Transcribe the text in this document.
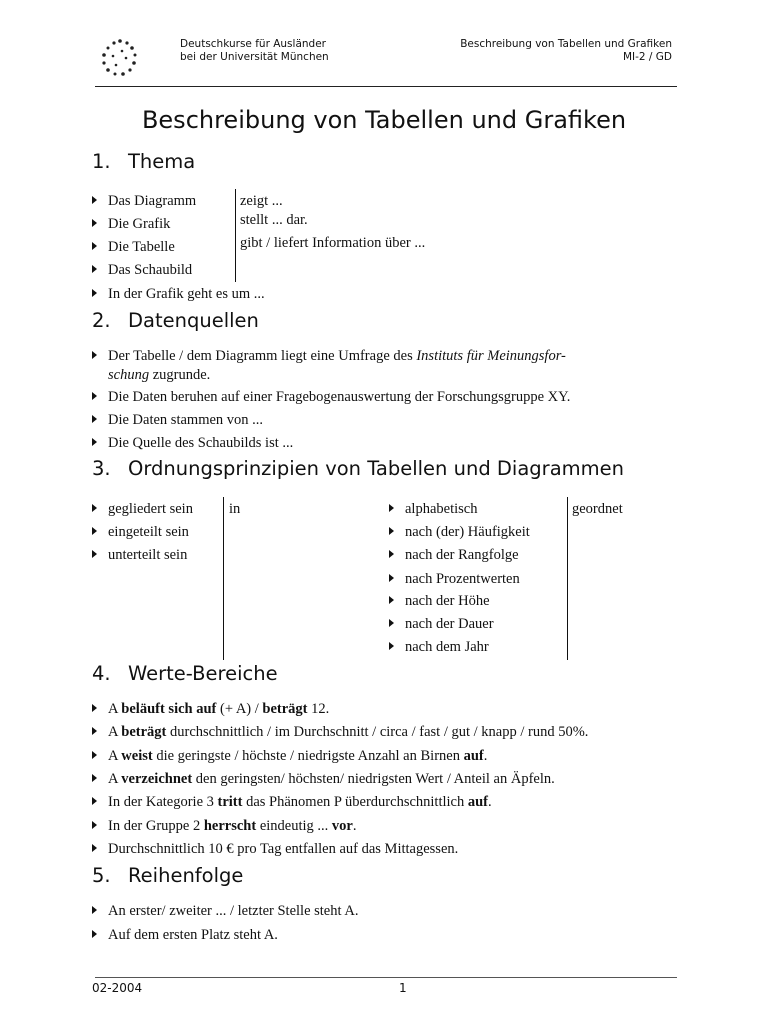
Deutschkurse für Ausländer
bei der Universität München
Beschreibung von Tabellen und Grafiken
MI-2 / GD
Beschreibung von Tabellen und Grafiken
1. Thema
Das Diagramm
Die Grafik
Die Tabelle
Das Schaubild
zeigt ...
stellt ... dar.
gibt / liefert Information über ...
In der Grafik geht es um ...
2. Datenquellen
Der Tabelle / dem Diagramm liegt eine Umfrage des Instituts für Meinungsfor-
schung zugrunde.
Die Daten beruhen auf einer Fragebogenauswertung der Forschungsgruppe XY.
Die Daten stammen von ...
Die Quelle des Schaubilds ist ...
3. Ordnungsprinzipien von Tabellen und Diagrammen
gegliedert sein
eingeteilt sein
unterteilt sein
in	alphabetisch
nach (der) Häufigkeit
nach der Rangfolge
nach Prozentwerten
nach der Höhe
nach der Dauer
nach dem Jahr
geordnet
4. Werte-Bereiche
A beläuft sich auf (+ A) / beträgt 12.
A beträgt durchschnittlich / im Durchschnitt / circa / fast / gut / knapp / rund 50%.
A weist die geringste / höchste / niedrigste Anzahl an Birnen auf.
A verzeichnet den geringsten/ höchsten/ niedrigsten Wert / Anteil an Äpfeln.
In der Kategorie 3 tritt das Phänomen P überdurchschnittlich auf.
In der Gruppe 2 herrscht eindeutig ... vor.
Durchschnittlich 10 € pro Tag entfallen auf das Mittagessen.
5. Reihenfolge
An erster/ zweiter ... / letzter Stelle steht A.
Auf dem ersten Platz steht A.
02-2004	1
